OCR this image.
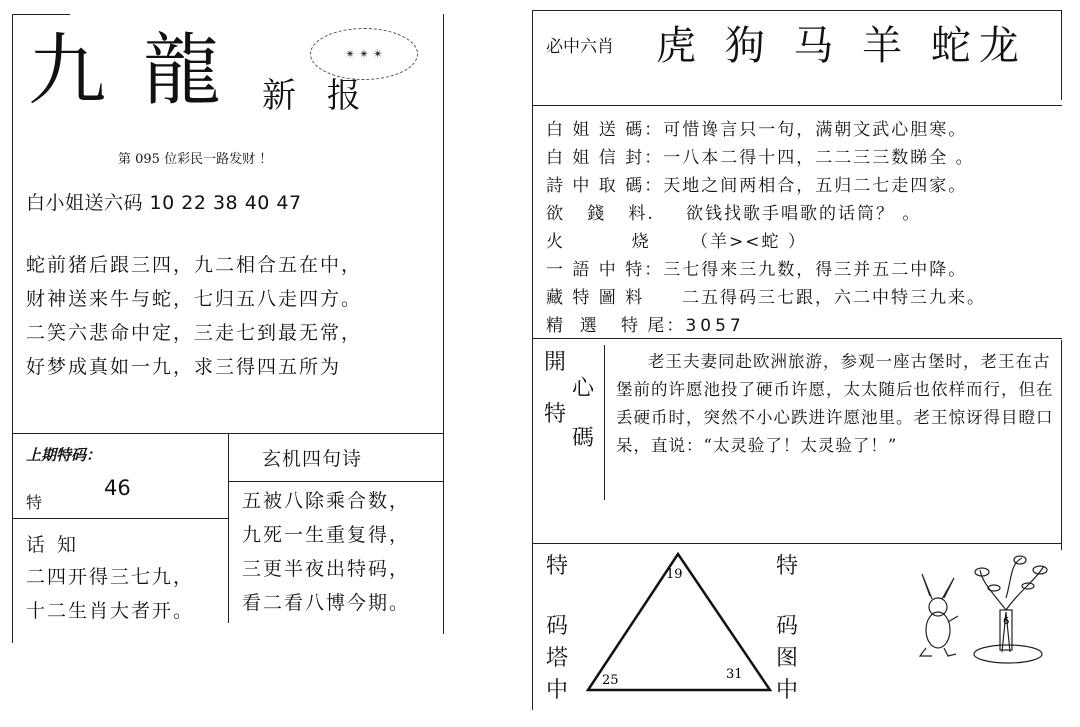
九 龍 新 报
✴ ✴ ✴
第 095 位彩民一路发财 ！
白小姐送六码 10 22 38 40 47
蛇前猪后跟三四，九二相合五在中，
财神送来牛与蛇，七归五八走四方。
二笑六悲命中定，三走七到最无常，
好梦成真如一九，求三得四五所为
上期特码：
特
46
话 知
二四开得三七九，
十二生肖大者开。
玄机四句诗
五被八除乘合数，
九死一生重复得，
三更半夜出特码，
看二看八博今期。
必中六肖 虎 狗 马 羊 蛇龙
白 姐 送 碼：可惜谗言只一句，满朝文武心胆寒。
白 姐 信 封：一八本二得十四，二二三三数睇全 。
詩 中 取 碼：天地之间两相合，五归二七走四家。
欲   錢   料. 欲钱找歌手唱歌的话筒？ 。
火         烧 （羊><蛇 ）
一 語 中 特：三七得来三九数，得三并五二中降。
藏 特 圖 料 二五得码三七跟，六二中特三九来。
精  選   特 尾：3057
開
心
特
碼
老王夫妻同赴欧洲旅游，参观一座古堡时，老王在古堡前的许愿池投了硬币许愿，太太随后也依样而行，但在丢硬币时，突然不小心跌进许愿池里。老王惊讶得目瞪口呆，直说：“太灵验了！太灵验了！”
特
码
塔
中
特
码
图
中
19
25	31
6
